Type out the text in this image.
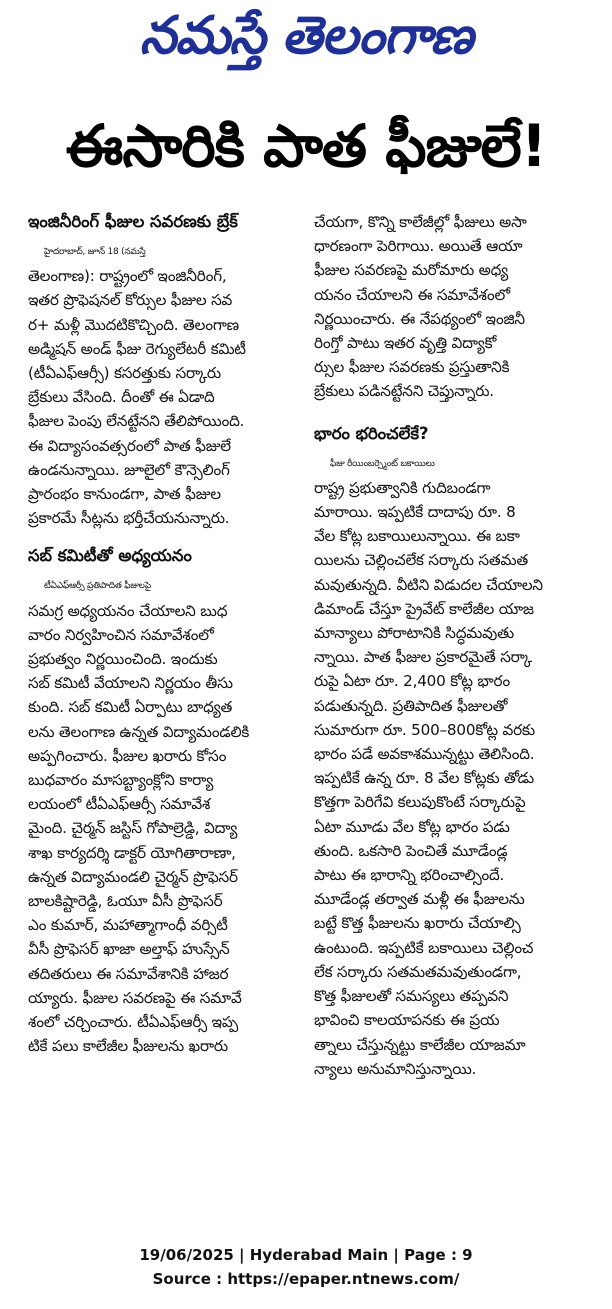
నమస్తే తెలంగాణ
ఈసారికి పాత ఫీజులే!
ఇంజినీరింగ్ ఫీజుల సవరణకు బ్రేక్

హైదరాబాద్, జూన్ 18 (నమస్తే

తెలంగాణ): రాష్ట్రంలో ఇంజినీరింగ్,

ఇతర ప్రొఫెషనల్ కోర్సుల ఫీజుల సవ

ర+ మళ్లీ మొదటికొచ్చింది. తెలంగాణ

అడ్మిషన్ అండ్ ఫీజు రెగ్యులేటరీ కమిటీ

(టీఏఎఫ్ఆర్సీ) కసరత్తుకు సర్కారు

బ్రేకులు వేసింది. దీంతో ఈ ఏడాది

ఫీజుల పెంపు లేనట్టేనని తేలిపోయింది.

ఈ విద్యాసంవత్సరంలో పాత ఫీజులే

ఉండనున్నాయి. జూలైలో కౌన్సెలింగ్

ప్రారంభం కానుండగా, పాత ఫీజుల

ప్రకారమే సీట్లను భర్తీచేయనున్నారు.

సబ్ కమిటీతో అధ్యయనం

టీఏఎఫ్ఆర్సీ ప్రతిపాదిత ఫీజులపై

సమగ్ర అధ్యయనం చేయాలని బుధ

వారం నిర్వహించిన సమావేశంలో

ప్రభుత్వం నిర్ణయించింది. ఇందుకు

సబ్ కమిటీ వేయాలని నిర్ణయం తీసు

కుంది. సబ్ కమిటీ ఏర్పాటు బాధ్యత

లను తెలంగాణ ఉన్నత విద్యామండలికి

అప్పగించారు. ఫీజుల ఖరారు కోసం

బుధవారం మాసబ్ట్యాంక్లోని కార్యా

లయంలో టీఏఎఫ్ఆర్సీ సమావేశ

మైంది. చైర్మన్ జస్టిస్ గోపాల్రెడ్డి, విద్యా

శాఖ కార్యదర్శి డాక్టర్ యోగితారాణా,

ఉన్నత విద్యామండలి చైర్మన్ ప్రొఫెసర్

బాలకిష్టారెడ్డి, ఓయూ వీసీ ప్రొఫెసర్

ఎం కుమార్, మహాత్మాగాంధీ వర్సిటీ

వీసీ ప్రొఫెసర్ ఖాజా అల్తాఫ్ హుస్సేన్

తదితరులు ఈ సమావేశానికి హాజర

య్యారు. ఫీజుల సవరణపై ఈ సమావే

శంలో చర్చించారు. టీఏఎఫ్ఆర్సీ ఇప్ప

టికే పలు కాలేజీల ఫీజులను ఖరారు

చేయగా, కొన్ని కాలేజీల్లో ఫీజులు అసా

ధారణంగా పెరిగాయి. అయితే ఆయా

ఫీజుల సవరణపై మరోమారు అధ్య

యనం చేయాలని ఈ సమావేశంలో

నిర్ణయించారు. ఈ నేపథ్యంలో ఇంజినీ

రింగ్తో పాటు ఇతర వృత్తి విద్యాకో

ర్సుల ఫీజుల సవరణకు ప్రస్తుతానికి

బ్రేకులు పడినట్టేనని చెప్తున్నారు.

భారం భరించలేకే?

ఫీజు రీయింబర్స్మెంట్ బకాయిలు

రాష్ట్ర ప్రభుత్వానికి గుదిబండగా

మారాయి. ఇప్పటికే దాదాపు రూ. 8

వేల కోట్ల బకాయిలున్నాయి. ఈ బకా

యిలను చెల్లించలేక సర్కారు సతమత

మవుతున్నది. వీటిని విడుదల చేయాలని

డిమాండ్ చేస్తూ ప్రైవేట్ కాలేజీల యాజ

మాన్యాలు పోరాటానికి సిద్ధమవుతు

న్నాయి. పాత ఫీజుల ప్రకారమైతే సర్కా

రుపై ఏటా రూ. 2,400 కోట్ల భారం

పడుతున్నది. ప్రతిపాదిత ఫీజులతో

సుమారుగా రూ. 500–800కోట్ల వరకు

భారం పడే అవకాశమున్నట్టు తెలిసింది.

ఇప్పటికే ఉన్న రూ. 8 వేల కోట్లకు తోడు

కొత్తగా పెరిగేవి కలుపుకొంటే సర్కారుపై

ఏటా మూడు వేల కోట్ల భారం పడు

తుంది. ఒకసారి పెంచితే మూడేండ్ల

పాటు ఈ భారాన్ని భరించాల్సిందే.

మూడేండ్ల తర్వాత మళ్లీ ఈ ఫీజులను

బట్టే కొత్త ఫీజులను ఖరారు చేయాల్సి

ఉంటుంది. ఇప్పటికే బకాయిలు చెల్లించ

లేక సర్కారు సతమతమవుతుండగా,

కొత్త ఫీజులతో సమస్యలు తప్పవని

భావించి కాలయాపనకు ఈ ప్రయ

త్నాలు చేస్తున్నట్టు కాలేజీల యాజమా

న్యాలు అనుమానిస్తున్నాయి.

19/06/2025 | Hyderabad Main | Page : 9
Source : https://epaper.ntnews.com/
